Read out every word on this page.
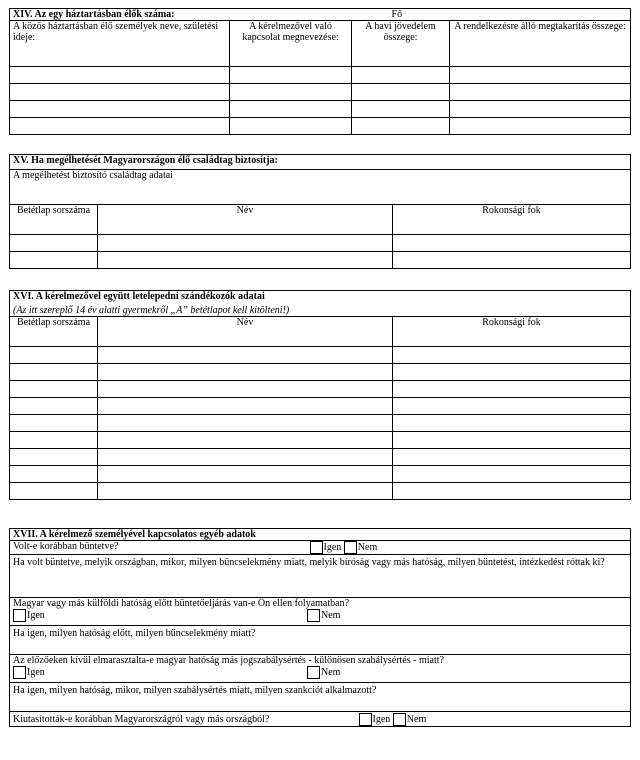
XIV. Az egy háztartásban élők száma:		Fő	
A közös háztartásban élő személyek neve, születési ideje:	A kérelmezővel való kapcsolat megnevezése:	A havi jövedelem összege:	A rendelkezésre álló megtakarítás összege:

XV. Ha megélhetését Magyarországon élő családtag biztosítja:		
A megélhetést biztosító családtag adatai		
Betétlap sorszáma	Név	Rokonsági fok

XVI. A kérelmezővel együtt letelepedni szándékozók adatai		
(Az itt szereplő 14 év alatti gyermekről „A” betétlapot kell kitölteni!)		
Betétlap sorszáma	Név	Rokonsági fok

XVII. A kérelmező személyével kapcsolatos egyéb adatok	
Volt-e korábban büntetve?	Igen Nem
Ha volt büntetve, melyik országban, mikor, milyen bűncselekmény miatt, melyik bíróság vagy más hatóság, milyen büntetést, intézkedést róttak ki?	

Magyar vagy más külföldi hatóság előtt büntetőeljárás van-e Ön ellen folyamatban?
Igen Nem	

Ha igen, milyen hatóság előtt, milyen bűncselekmény miatt?	

Az előzőeken kívül elmarasztalta-e magyar hatóság más jogszabálysértés - különösen szabálysértés - miatt?
Igen Nem	

Ha igen, milyen hatóság, mikor, milyen szabálysértés miatt, milyen szankciót alkalmazott?	
Kiutasították-e korábban Magyarországról vagy más országból?	Igen Nem
